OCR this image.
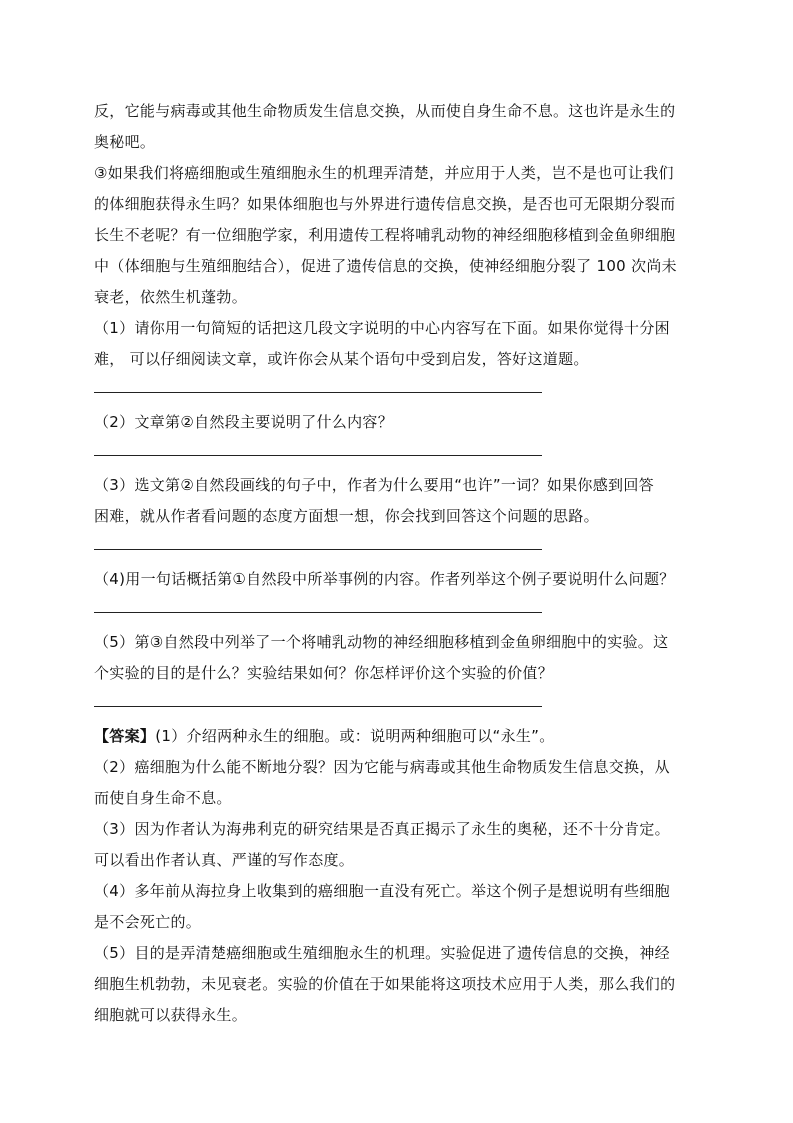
反，它能与病毒或其他生命物质发生信息交换，从而使自身生命不息。这也许是永生的
奥秘吧。
③如果我们将癌细胞或生殖细胞永生的机理弄清楚，并应用于人类，岂不是也可让我们
的体细胞获得永生吗？如果体细胞也与外界进行遗传信息交换，是否也可无限期分裂而
长生不老呢？有一位细胞学家，利用遗传工程将哺乳动物的神经细胞移植到金鱼卵细胞
中（体细胞与生殖细胞结合），促进了遗传信息的交换，使神经细胞分裂了 100 次尚未
衰老，依然生机蓬勃。
（1）请你用一句简短的话把这几段文字说明的中心内容写在下面。如果你觉得十分困
难， 可以仔细阅读文章，或许你会从某个语句中受到启发，答好这道题。
（2）文章第②自然段主要说明了什么内容？
（3）选文第②自然段画线的句子中，作者为什么要用“也许”一词？如果你感到回答
困难，就从作者看问题的态度方面想一想，你会找到回答这个问题的思路。
（4)用一句话概括第①自然段中所举事例的内容。作者列举这个例子要说明什么问题？
（5）第③自然段中列举了一个将哺乳动物的神经细胞移植到金鱼卵细胞中的实验。这
个实验的目的是什么？实验结果如何？你怎样评价这个实验的价值？
【答案】(1）介绍两种永生的细胞。或：说明两种细胞可以“永生”。
（2）癌细胞为什么能不断地分裂？因为它能与病毒或其他生命物质发生信息交换，从
而使自身生命不息。
（3）因为作者认为海弗利克的研究结果是否真正揭示了永生的奥秘，还不十分肯定。
可以看出作者认真、严谨的写作态度。
（4）多年前从海拉身上收集到的癌细胞一直没有死亡。举这个例子是想说明有些细胞
是不会死亡的。
（5）目的是弄清楚癌细胞或生殖细胞永生的机理。实验促进了遗传信息的交换，神经
细胞生机勃勃，未见衰老。实验的价值在于如果能将这项技术应用于人类，那么我们的
细胞就可以获得永生。
